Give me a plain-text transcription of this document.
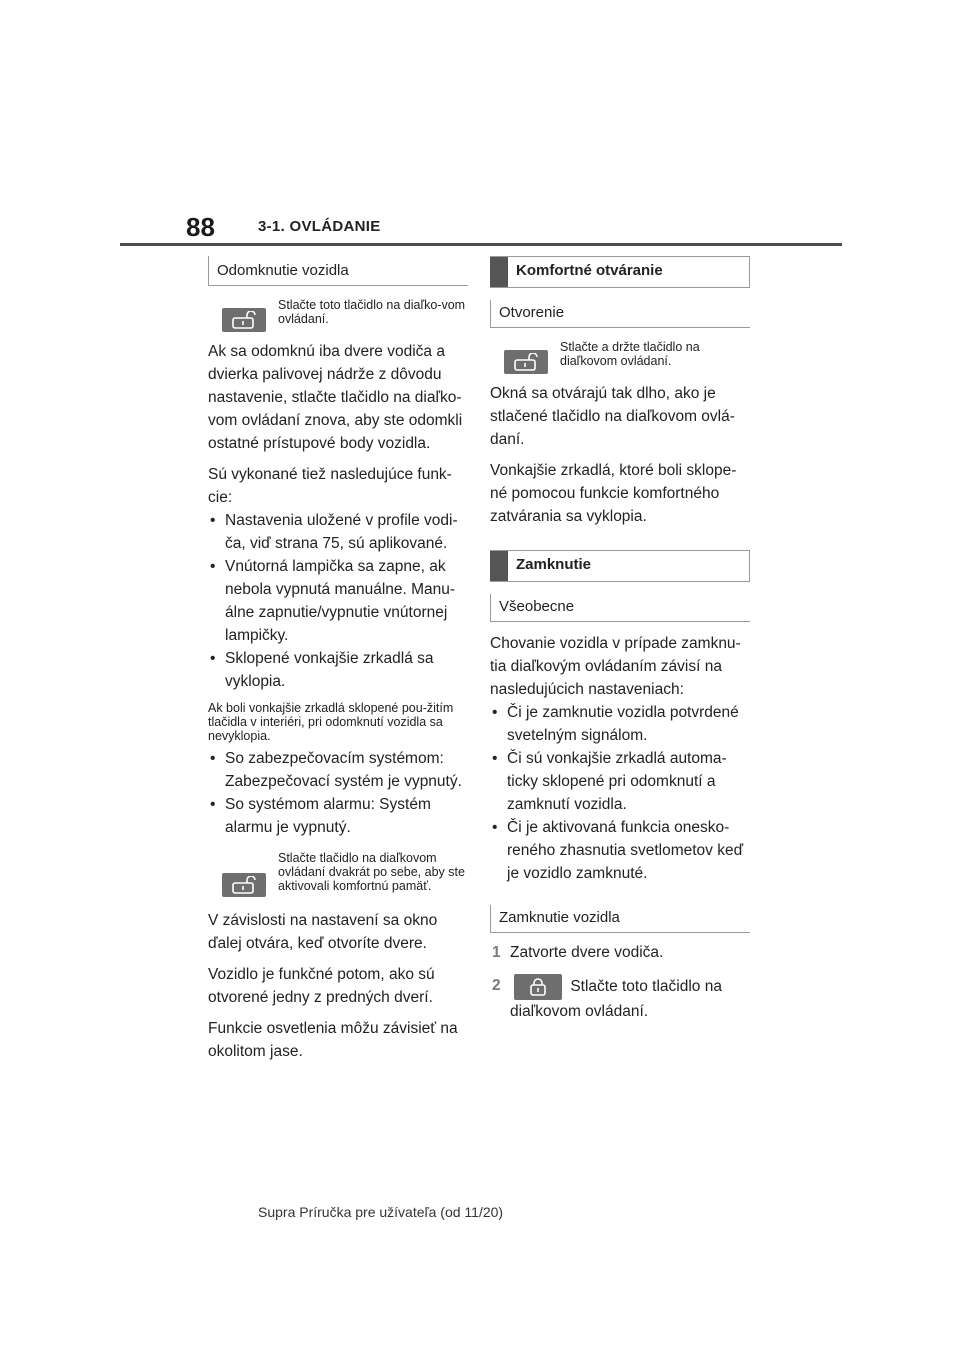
88	3-1. OVLÁDANIE
Odomknutie vozidla
Stlačte toto tlačidlo na diaľko-vom ovládaní.

Ak sa odomknú iba dvere vodiča a dvierka palivovej nádrže z dôvodu nastavenie, stlačte tlačidlo na diaľko-vom ovládaní znova, aby ste odomkli ostatné prístupové body vozidla.

Sú vykonané tiež nasledujúce funk-cie:

• Nastavenia uložené v profile vodi-ča, viď strana 75, sú aplikované.
• Vnútorná lampička sa zapne, ak nebola vypnutá manuálne. Manu-álne zapnutie/vypnutie vnútornej lampičky.
• Sklopené vonkajšie zrkadlá sa vyklopia.

Ak boli vonkajšie zrkadlá sklopené pou-žitím tlačidla v interiéri, pri odomknutí vozidla sa nevyklopia.

• So zabezpečovacím systémom: Zabezpečovací systém je vypnutý.
• So systémom alarmu: Systém alarmu je vypnutý.
Stlačte tlačidlo na diaľkovom ovládaní dvakrát po sebe, aby ste aktivovali komfortnú pamäť.

V závislosti na nastavení sa okno ďalej otvára, keď otvoríte dvere.

Vozidlo je funkčné potom, ako sú otvorené jedny z predných dverí.

Funkcie osvetlenia môžu závisieť na okolitom jase.

Komfortné otváranie
Otvorenie
Stlačte a držte tlačidlo na diaľkovom ovládaní.

Okná sa otvárajú tak dlho, ako je stlačené tlačidlo na diaľkovom ovlá-daní.

Vonkajšie zrkadlá, ktoré boli sklope-né pomocou funkcie komfortného zatvárania sa vyklopia.

Zamknutie
Všeobecne

Chovanie vozidla v prípade zamknu-tia diaľkovým ovládaním závisí na nasledujúcich nastaveniach:

• Či je zamknutie vozidla potvrdené svetelným signálom.
• Či sú vonkajšie zrkadlá automa-ticky sklopené pri odomknutí a zamknutí vozidla.
• Či je aktivovaná funkcia onesko-reného zhasnutia svetlometov keď je vozidlo zamknuté.
Zamknutie vozidla
1 Zatvorte dvere vodiča.
2	Stlačte toto tlačidlo na diaľkovom ovládaní.
Supra Príručka pre užívateľa (od 11/20)
